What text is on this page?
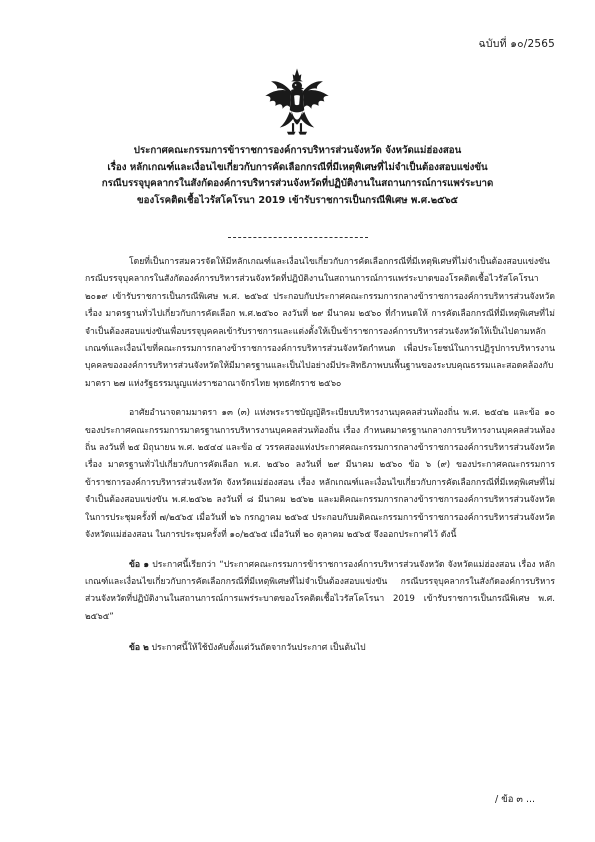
ฉบับที่ ๑๐/2565
ประกาศคณะกรรมการข้าราชการองค์การบริหารส่วนจังหวัด จังหวัดแม่ฮ่องสอน
เรื่อง หลักเกณฑ์และเงื่อนไขเกี่ยวกับการคัดเลือกกรณีที่มีเหตุพิเศษที่ไม่จำเป็นต้องสอบแข่งขัน
กรณีบรรจุบุคลากรในสังกัดองค์การบริหารส่วนจังหวัดที่ปฏิบัติงานในสถานการณ์การแพร่ระบาด
ของโรคติดเชื้อไวรัสโคโรนา 2019 เข้ารับราชการเป็นกรณีพิเศษ พ.ศ.๒๕๖๕

โดยที่เป็นการสมควรจัดให้มีหลักเกณฑ์และเงื่อนไขเกี่ยวกับการคัดเลือกกรณีที่มีเหตุพิเศษที่ไม่จำเป็นต้องสอบแข่งขันกรณีบรรจุบุคลากรในสังกัดองค์การบริหารส่วนจังหวัดที่ปฏิบัติงานในสถานการณ์การแพร่ระบาดของโรคติดเชื้อไวรัสโคโรนา ๒๐๑๙ เข้ารับราชการเป็นกรณีพิเศษ พ.ศ. ๒๕๖๕ ประกอบกับประกาศคณะกรรมการกลางข้าราชการองค์การบริหารส่วนจังหวัด เรื่อง มาตรฐานทั่วไปเกี่ยวกับการคัดเลือก พ.ศ.๒๕๖๐ ลงวันที่ ๒๙ มีนาคม ๒๕๖๐ ที่กำหนดให้ การคัดเลือกกรณีที่มีเหตุพิเศษที่ไม่จำเป็นต้องสอบแข่งขันเพื่อบรรจุบุคคลเข้ารับราชการและแต่งตั้งให้เป็นข้าราชการองค์การบริหารส่วนจังหวัดให้เป็นไปตามหลักเกณฑ์และเงื่อนไขที่คณะกรรมการกลางข้าราชการองค์การบริหารส่วนจังหวัดกำหนด เพื่อประโยชน์ในการปฏิรูปการบริหารงานบุคคลขององค์การบริหารส่วนจังหวัดให้มีมาตรฐานและเป็นไปอย่างมีประสิทธิภาพบนพื้นฐานของระบบคุณธรรมและสอดคล้องกับมาตรา ๒๗ แห่งรัฐธรรมนูญแห่งราชอาณาจักรไทย พุทธศักราช ๒๕๖๐

อาศัยอำนาจตามมาตรา ๑๓ (๓) แห่งพระราชบัญญัติระเบียบบริหารงานบุคคลส่วนท้องถิ่น พ.ศ. ๒๕๔๒ และข้อ ๑๐ ของประกาศคณะกรรมการมาตรฐานการบริหารงานบุคคลส่วนท้องถิ่น เรื่อง กำหนดมาตรฐานกลางการบริหารงานบุคคลส่วนท้องถิ่น ลงวันที่ ๒๕ มิถุนายน พ.ศ. ๒๕๔๔ และข้อ ๔ วรรคสองแห่งประกาศคณะกรรมการกลางข้าราชการองค์การบริหารส่วนจังหวัด เรื่อง มาตรฐานทั่วไปเกี่ยวกับการคัดเลือก พ.ศ. ๒๕๖๐ ลงวันที่ ๒๙ มีนาคม ๒๕๖๐ ข้อ ๖ (๙) ของประกาศคณะกรรมการข้าราชการองค์การบริหารส่วนจังหวัด จังหวัดแม่ฮ่องสอน เรื่อง หลักเกณฑ์และเงื่อนไขเกี่ยวกับการคัดเลือกกรณีที่มีเหตุพิเศษที่ไม่จำเป็นต้องสอบแข่งขัน พ.ศ.๒๕๖๒ ลงวันที่ ๘ มีนาคม ๒๕๖๒ และมติคณะกรรมการกลางข้าราชการองค์การบริหารส่วนจังหวัด ในการประชุมครั้งที่ ๗/๒๕๖๕ เมื่อวันที่ ๒๖ กรกฎาคม ๒๕๖๕ ประกอบกับมติคณะกรรมการข้าราชการองค์การบริหารส่วนจังหวัด จังหวัดแม่ฮ่องสอน ในการประชุมครั้งที่ ๑๐/๒๕๖๕ เมื่อวันที่ ๒๐ ตุลาคม ๒๕๖๕ จึงออกประกาศไว้ ดังนี้

ข้อ ๑ ประกาศนี้เรียกว่า “ประกาศคณะกรรมการข้าราชการองค์การบริหารส่วนจังหวัด จังหวัดแม่ฮ่องสอน เรื่อง หลักเกณฑ์และเงื่อนไขเกี่ยวกับการคัดเลือกกรณีที่มีเหตุพิเศษที่ไม่จำเป็นต้องสอบแข่งขัน กรณีบรรจุบุคลากรในสังกัดองค์การบริหารส่วนจังหวัดที่ปฏิบัติงานในสถานการณ์การแพร่ระบาดของโรคติดเชื้อไวรัสโคโรนา 2019 เข้ารับราชการเป็นกรณีพิเศษ พ.ศ. ๒๕๖๕”

ข้อ ๒ ประกาศนี้ให้ใช้บังคับตั้งแต่วันถัดจากวันประกาศ เป็นต้นไป

/ ข้อ ๓ ...
